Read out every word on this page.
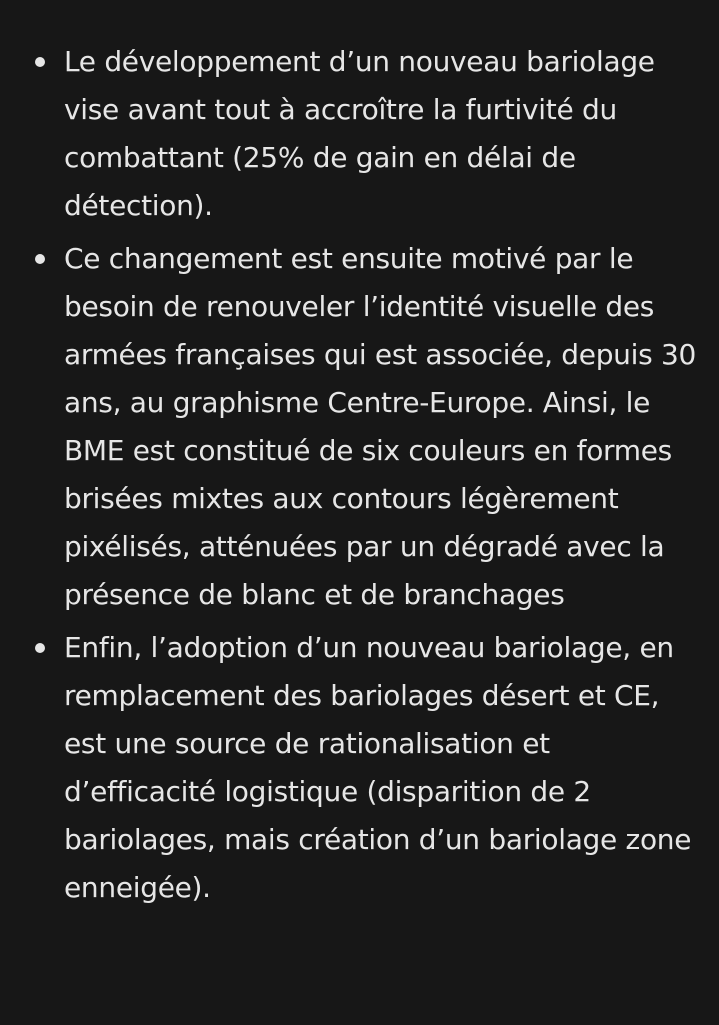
Le développement d’un nouveau bariolage vise avant tout à accroître la furtivité du combattant (25% de gain en délai de détection).
Ce changement est ensuite motivé par le besoin de renouveler l’identité visuelle des armées françaises qui est associée, depuis 30 ans, au graphisme Centre-Europe. Ainsi, le BME est constitué de six couleurs en formes brisées mixtes aux contours légèrement pixélisés, atténuées par un dégradé avec la présence de blanc et de branchages
Enfin, l’adoption d’un nouveau bariolage, en remplacement des bariolages désert et CE, est une source de rationalisation et d’efficacité logistique (disparition de 2 bariolages, mais création d’un bariolage zone enneigée).
